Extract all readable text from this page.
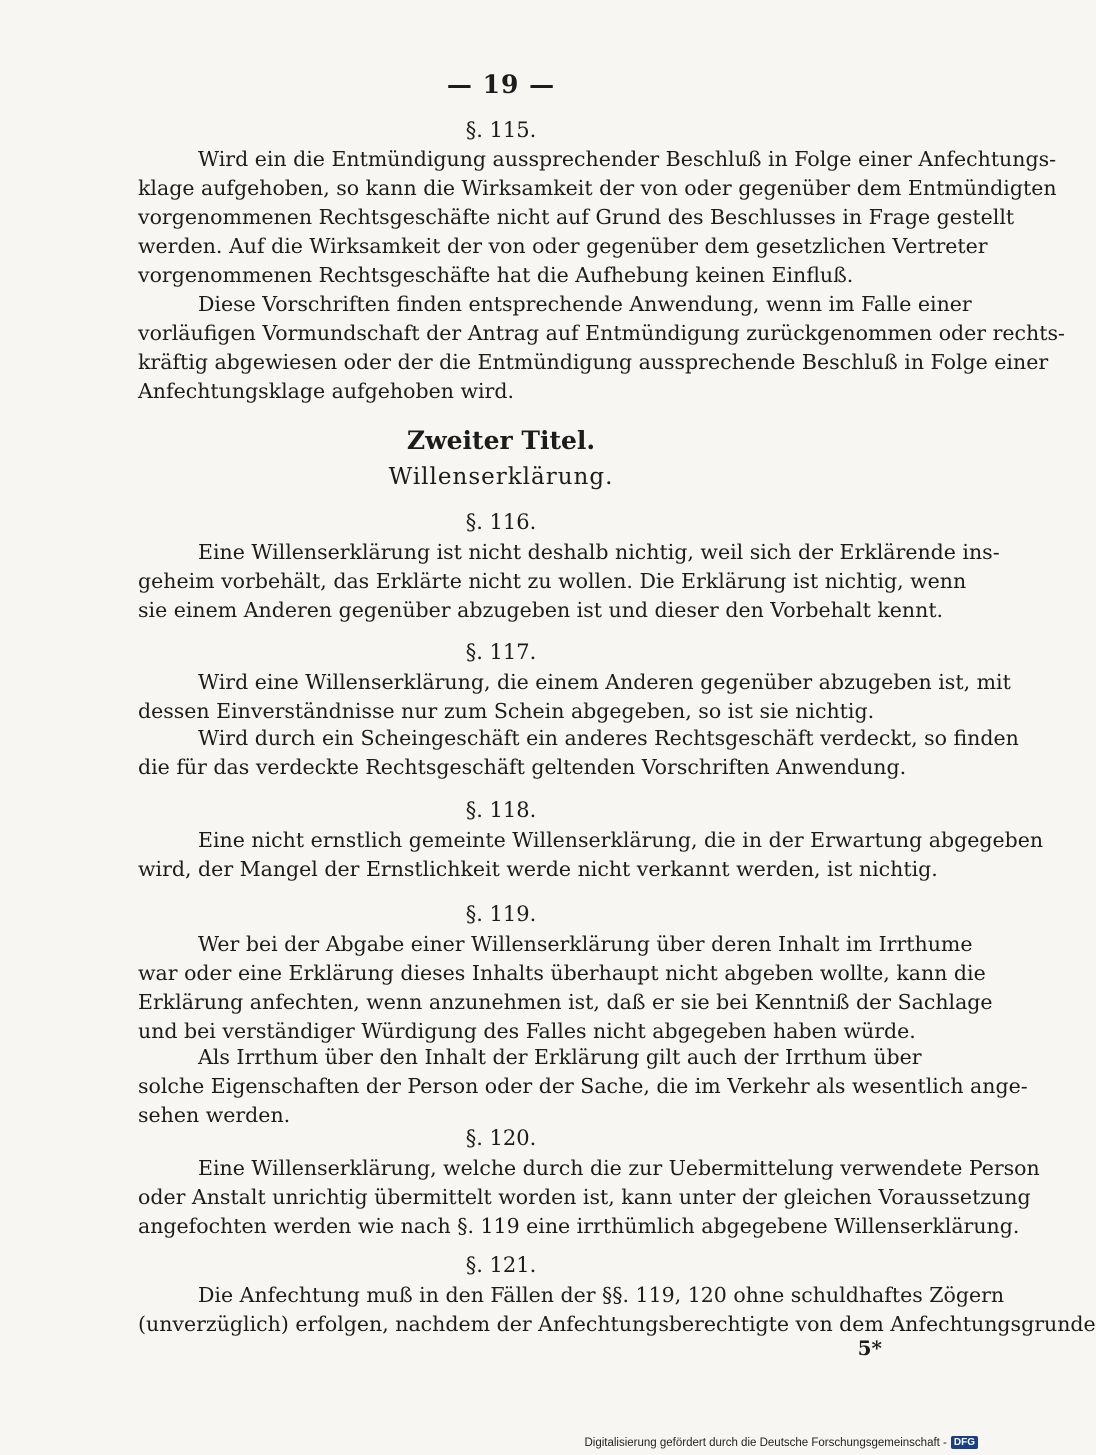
— 19 —
§. 115.
Wird ein die Entmündigung aussprechender Beschluß in Folge einer Anfechtungs-
klage aufgehoben, so kann die Wirksamkeit der von oder gegenüber dem Entmündigten
vorgenommenen Rechtsgeschäfte nicht auf Grund des Beschlusses in Frage gestellt
werden. Auf die Wirksamkeit der von oder gegenüber dem gesetzlichen Vertreter
vorgenommenen Rechtsgeschäfte hat die Aufhebung keinen Einfluß.
Diese Vorschriften finden entsprechende Anwendung, wenn im Falle einer
vorläufigen Vormundschaft der Antrag auf Entmündigung zurückgenommen oder rechts-
kräftig abgewiesen oder der die Entmündigung aussprechende Beschluß in Folge einer
Anfechtungsklage aufgehoben wird.
Zweiter Titel.
Willenserklärung.
§. 116.
Eine Willenserklärung ist nicht deshalb nichtig, weil sich der Erklärende ins-
geheim vorbehält, das Erklärte nicht zu wollen. Die Erklärung ist nichtig, wenn
sie einem Anderen gegenüber abzugeben ist und dieser den Vorbehalt kennt.
§. 117.
Wird eine Willenserklärung, die einem Anderen gegenüber abzugeben ist, mit
dessen Einverständnisse nur zum Schein abgegeben, so ist sie nichtig.
Wird durch ein Scheingeschäft ein anderes Rechtsgeschäft verdeckt, so finden
die für das verdeckte Rechtsgeschäft geltenden Vorschriften Anwendung.
§. 118.
Eine nicht ernstlich gemeinte Willenserklärung, die in der Erwartung abgegeben
wird, der Mangel der Ernstlichkeit werde nicht verkannt werden, ist nichtig.
§. 119.
Wer bei der Abgabe einer Willenserklärung über deren Inhalt im Irrthume
war oder eine Erklärung dieses Inhalts überhaupt nicht abgeben wollte, kann die
Erklärung anfechten, wenn anzunehmen ist, daß er sie bei Kenntniß der Sachlage
und bei verständiger Würdigung des Falles nicht abgegeben haben würde.
Als Irrthum über den Inhalt der Erklärung gilt auch der Irrthum über
solche Eigenschaften der Person oder der Sache, die im Verkehr als wesentlich ange-
sehen werden.
§. 120.
Eine Willenserklärung, welche durch die zur Uebermittelung verwendete Person
oder Anstalt unrichtig übermittelt worden ist, kann unter der gleichen Voraussetzung
angefochten werden wie nach §. 119 eine irrthümlich abgegebene Willenserklärung.
§. 121.
Die Anfechtung muß in den Fällen der §§. 119, 120 ohne schuldhaftes Zögern
(unverzüglich) erfolgen, nachdem der Anfechtungsberechtigte von dem Anfechtungsgrunde
5*
Digitalisierung gefördert durch die Deutsche Forschungsgemeinschaft - DFG
